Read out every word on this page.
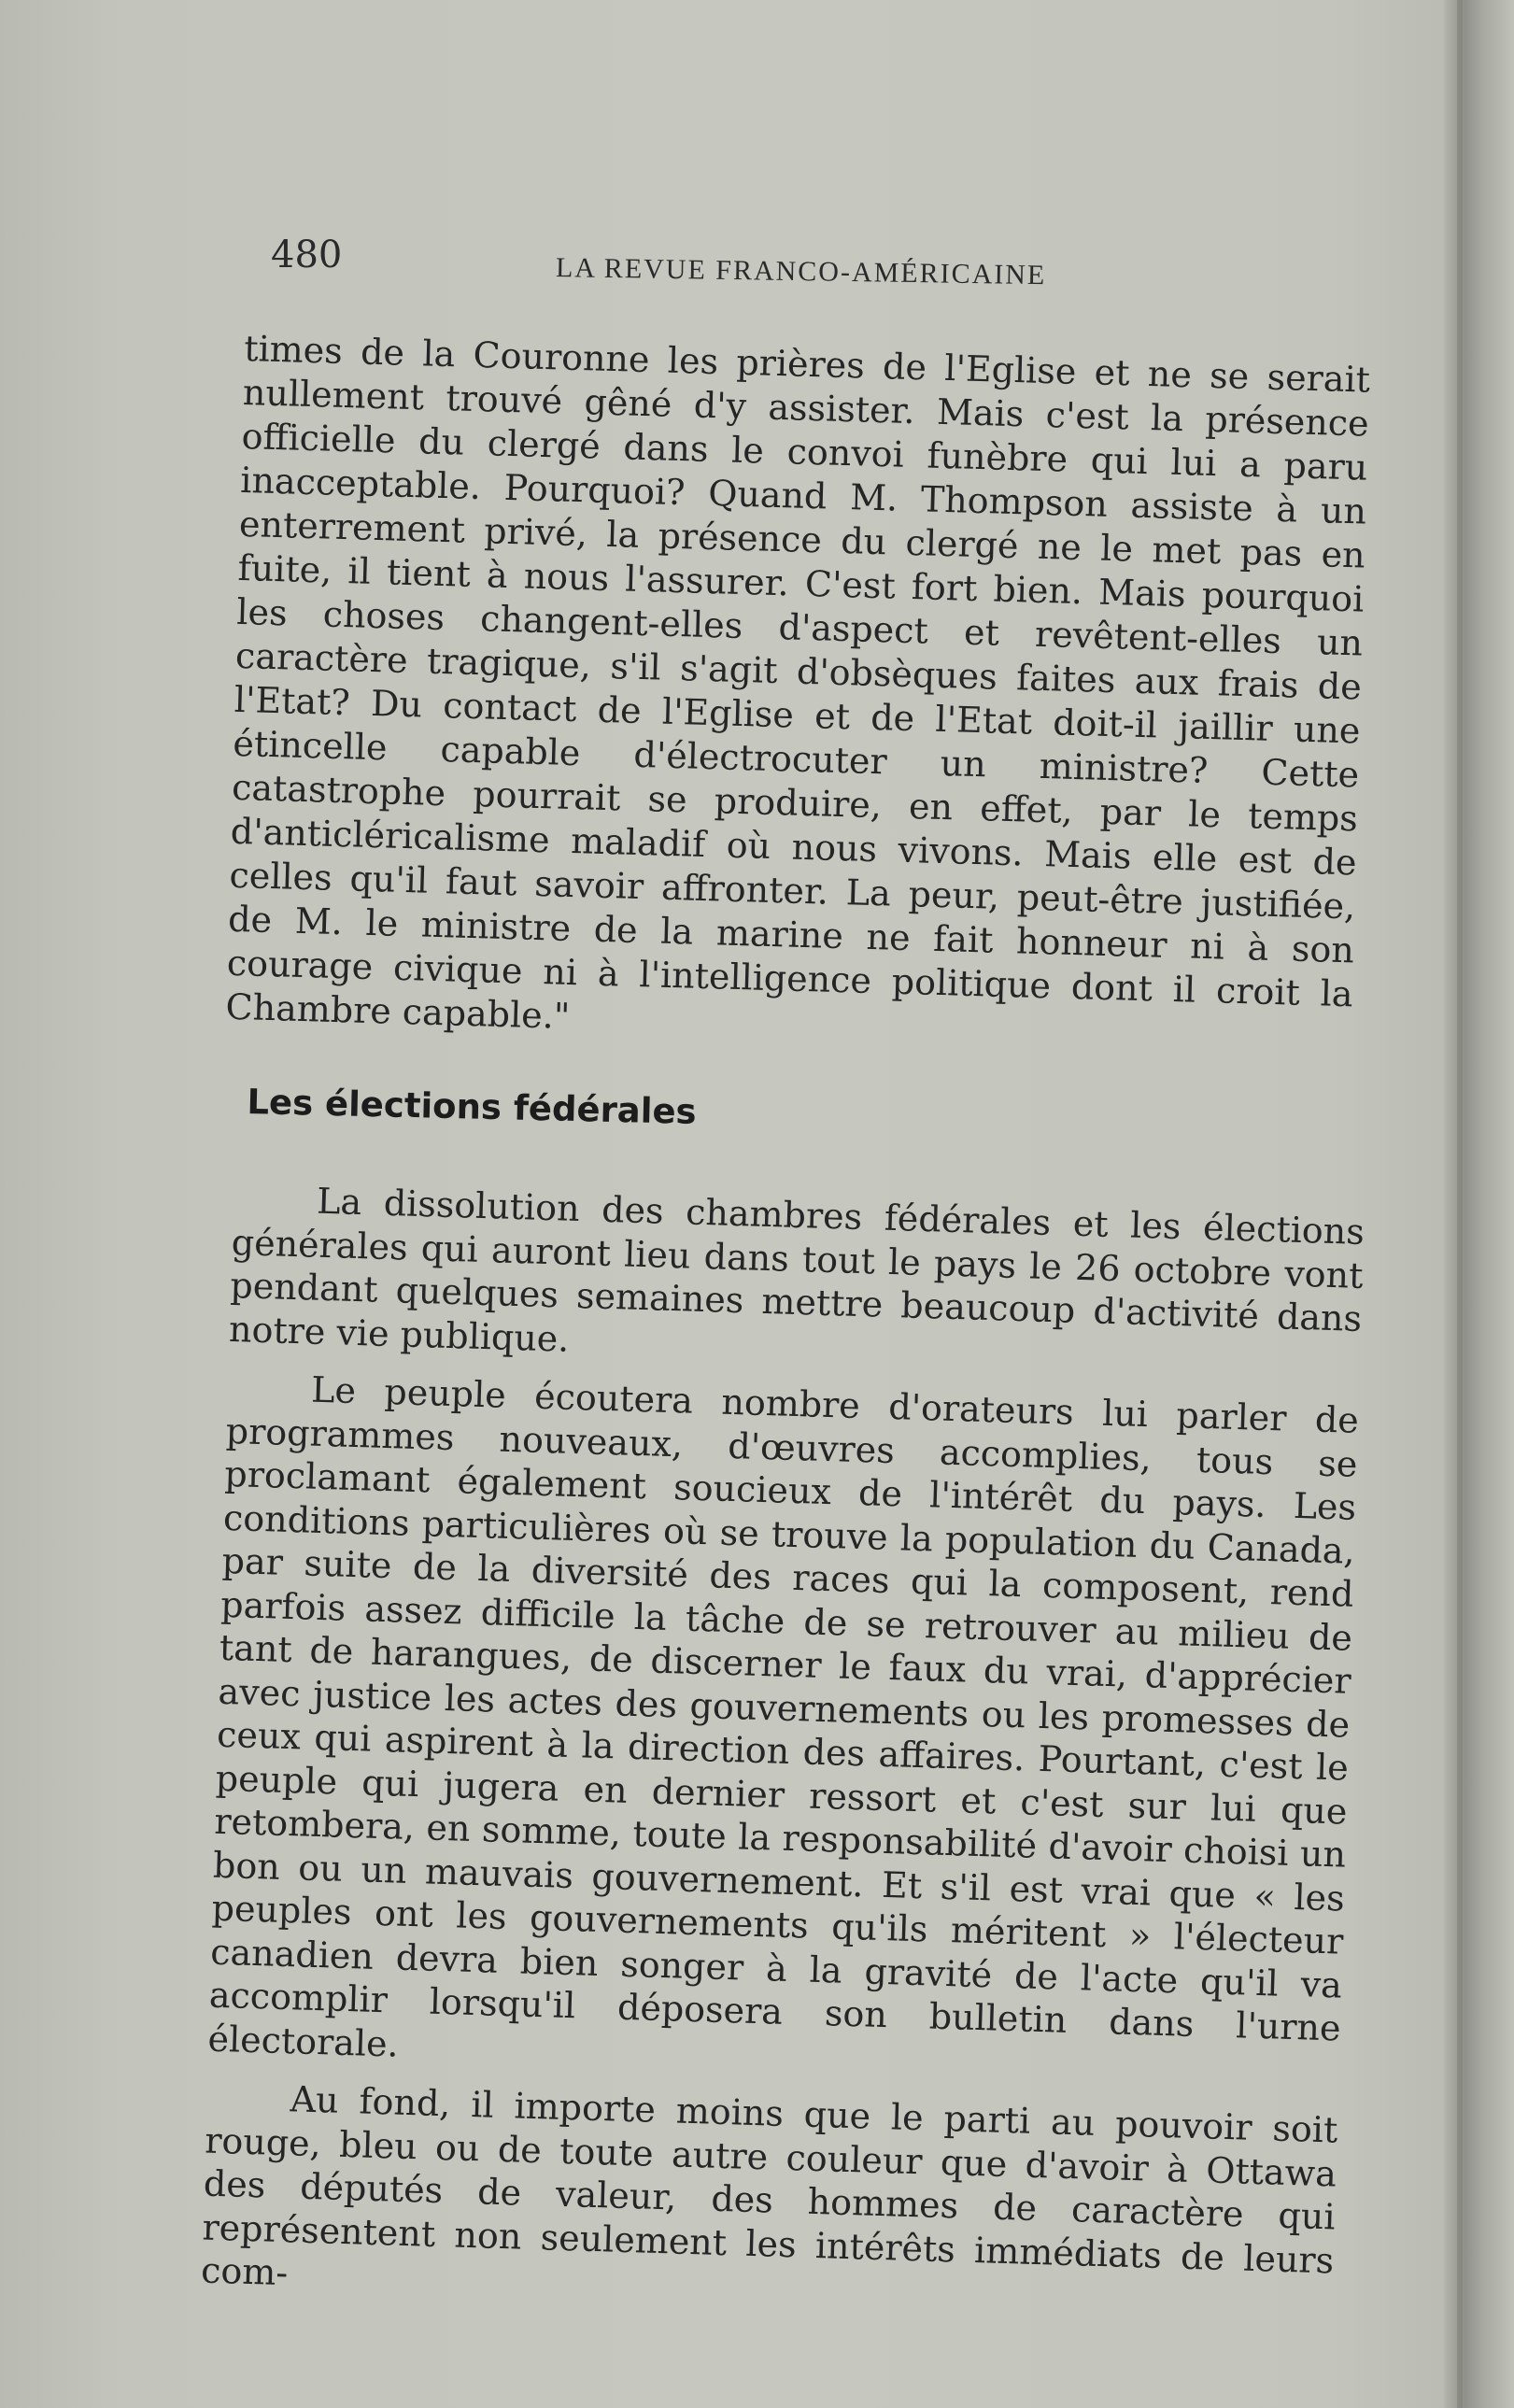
480	LA REVUE FRANCO-AMÉRICAINE

times de la Couronne les prières de l'Eglise et ne se serait nullement trouvé gêné d'y assister. Mais c'est la présence officielle du clergé dans le convoi funèbre qui lui a paru inacceptable. Pourquoi? Quand M. Thompson assiste à un enterrement privé, la présence du clergé ne le met pas en fuite, il tient à nous l'assurer. C'est fort bien. Mais pourquoi les choses changent-elles d'aspect et revêtent-elles un caractère tragique, s'il s'agit d'obsèques faites aux frais de l'Etat? Du contact de l'Eglise et de l'Etat doit-il jaillir une étincelle capable d'électrocuter un ministre? Cette catastrophe pourrait se produire, en effet, par le temps d'anticléricalisme maladif où nous vivons. Mais elle est de celles qu'il faut savoir affronter. La peur, peut-être justifiée, de M. le ministre de la marine ne fait honneur ni à son courage civique ni à l'intelligence politique dont il croit la Chambre capable."

Les élections fédérales

La dissolution des chambres fédérales et les élections générales qui auront lieu dans tout le pays le 26 octobre vont pendant quelques semaines mettre beaucoup d'activité dans notre vie publique.

Le peuple écoutera nombre d'orateurs lui parler de programmes nouveaux, d'œuvres accomplies, tous se proclamant également soucieux de l'intérêt du pays. Les conditions particulières où se trouve la population du Canada, par suite de la diversité des races qui la composent, rend parfois assez difficile la tâche de se retrouver au milieu de tant de harangues, de discerner le faux du vrai, d'apprécier avec justice les actes des gouvernements ou les promesses de ceux qui aspirent à la direction des affaires. Pourtant, c'est le peuple qui jugera en dernier ressort et c'est sur lui que retombera, en somme, toute la responsabilité d'avoir choisi un bon ou un mauvais gouvernement. Et s'il est vrai que « les peuples ont les gouvernements qu'ils méritent » l'électeur canadien devra bien songer à la gravité de l'acte qu'il va accomplir lorsqu'il déposera son bulletin dans l'urne électorale.

Au fond, il importe moins que le parti au pouvoir soit rouge, bleu ou de toute autre couleur que d'avoir à Ottawa des députés de valeur, des hommes de caractère qui représentent non seulement les intérêts immédiats de leurs com-
